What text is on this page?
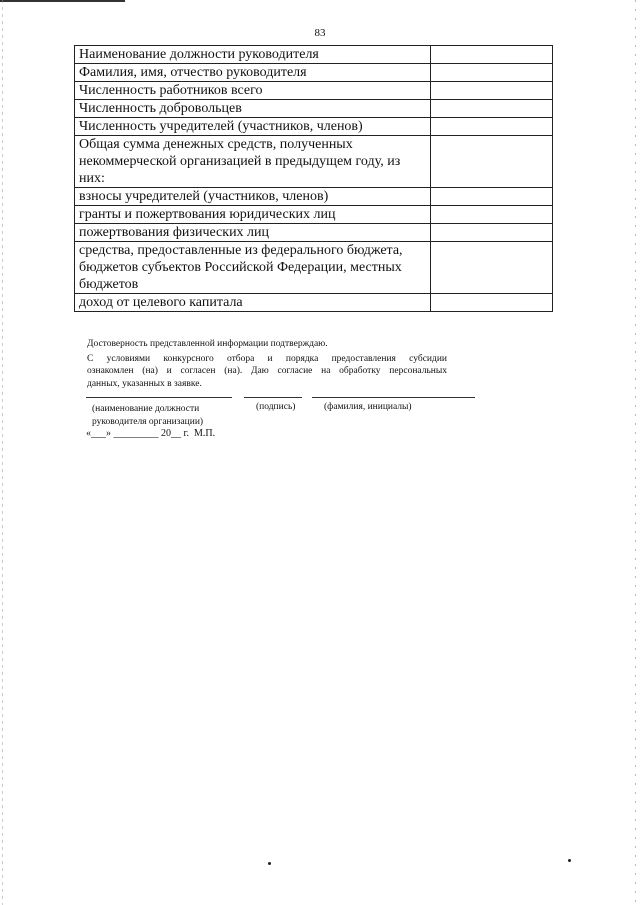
83
Наименование должности руководителя	
Фамилия, имя, отчество руководителя	
Численность работников всего	
Численность добровольцев	
Численность учредителей (участников, членов)	
Общая сумма денежных средств, полученных некоммерческой организацией в предыдущем году, из них:	
взносы учредителей (участников, членов)	
гранты и пожертвования юридических лиц	
пожертвования физических лиц	
средства, предоставленные из федерального бюджета, бюджетов субъектов Российской Федерации, местных бюджетов	
доход от целевого капитала	

Достоверность представленной информации подтверждаю.

С условиями конкурсного отбора и порядка предоставления субсидии

ознакомлен (на) и согласен (на). Даю согласие на обработку персональных

данных, указанных в заявке.

(наименование должности
руководителя организации)
(подпись)	(фамилия, инициалы)
«___» _________ 20__ г.  М.П.
